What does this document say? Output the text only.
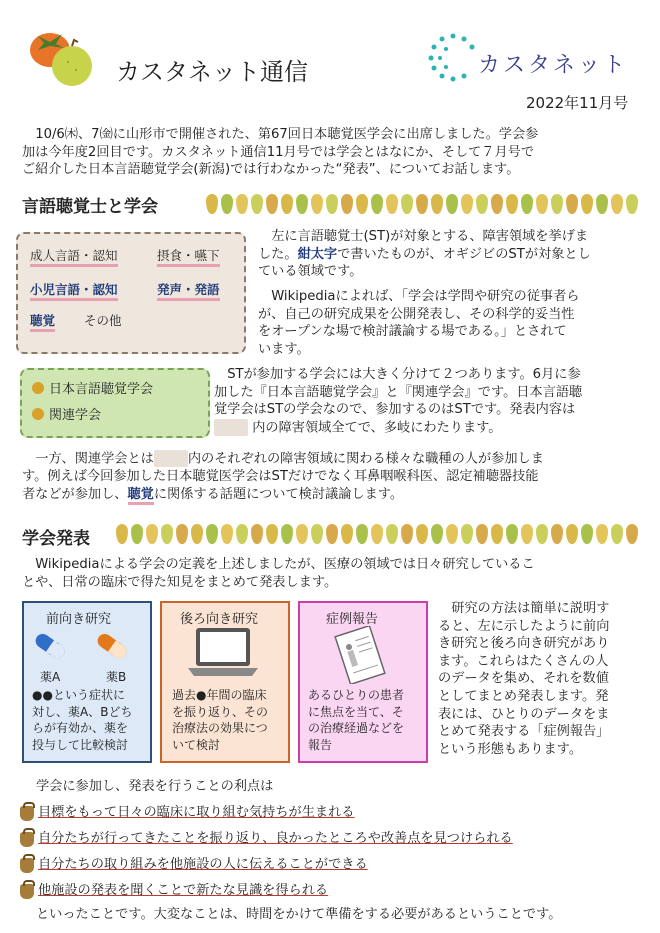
カスタネット通信	カスタネット
2022年11月号
10/6㈭、7㈮に山形市で開催された、第67回日本聴覚医学会に出席しました。学会参
加は今年度2回目です。カスタネット通信11月号では学会とはなにか、そして７月号で
ご紹介した日本言語聴覚学会(新潟)では行わなかった“発表”、についてお話します。
言語聴覚士と学会
成人言語・認知	摂食・嚥下
小児言語・認知	発声・発語
聴覚 その他
左に言語聴覚士(ST)が対象とする、障害領域を挙げま
した。紺太字で書いたものが、オギジビのSTが対象とし
ている領域です。
Wikipediaによれば、「学会は学問や研究の従事者ら
が、自己の研究成果を公開発表し、その科学的妥当性
をオープンな場で検討議論する場である。」とされて
います。
日本言語聴覚学会
関連学会
STが参加する学会には大きく分けて２つあります。6月に参
加した『日本言語聴覚学会』と『関連学会』です。日本言語聴
覚学会はSTの学会なので、参加するのはSTです。発表内容は
内の障害領域全てで、多岐にわたります。
一方、関連学会とは	内のそれぞれの障害領域に関わる様々な職種の人が参加しま
す。例えば今回参加した日本聴覚医学会はSTだけでなく耳鼻咽喉科医、認定補聴器技能
者などが参加し、聴覚に関係する話題について検討議論します。
学会発表
Wikipediaによる学会の定義を上述しましたが、医療の領域では日々研究しているこ
とや、日常の臨床で得た知見をまとめて発表します。
前向き研究
薬A	薬B
●●という症状に
対し、薬A、Bどち
らが有効か、薬を
投与して比較検討
後ろ向き研究
過去●年間の臨床
を振り返り、その
治療法の効果につ
いて検討
症例報告
あるひとりの患者
に焦点を当て、そ
の治療経過などを
報告
研究の方法は簡単に説明す
ると、左に示したように前向
き研究と後ろ向き研究があり
ます。これらはたくさんの人
のデータを集め、それを数値
としてまとめ発表します。発
表には、ひとりのデータをま
とめて発表する「症例報告」
という形態もあります。
学会に参加し、発表を行うことの利点は
目標をもって日々の臨床に取り組む気持ちが生まれる
自分たちが行ってきたことを振り返り、良かったところや改善点を見つけられる
自分たちの取り組みを他施設の人に伝えることができる
他施設の発表を聞くことで新たな見識を得られる
といったことです。大変なことは、時間をかけて準備をする必要があるということです。
